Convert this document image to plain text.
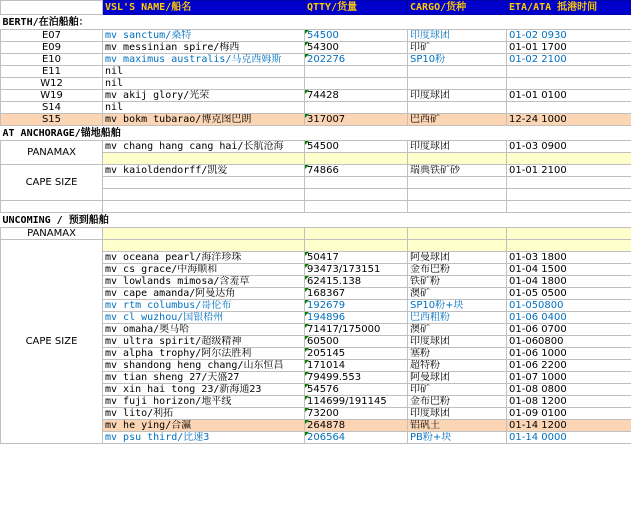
	VSL'S NAME/船名	QTTY/货量	CARGO/货种	ETA/ATA 抵港时间
BERTH/在泊船舶：				
E07	mv sanctum/桑特	54500	印度球团	01-02 0930
E09	mv messinian spire/梅西	54300	印矿	01-01 1700
E10	mv maximus australis/马克西姆斯	202276	SP10粉	01-02 2100
E11	nil			
W12	nil			
W19	mv akij glory/光荣	74428	印度球团	01-01 0100
S14	nil			
S15	mv bokm tubarao/博克图巴朗	317007	巴西矿	12-24 1000
AT ANCHORAGE/锚地船舶				
PANAMAX	mv chang hang cang hai/长航沧海	54500	印度球团	01-03 0900

CAPE SIZE	mv kaioldendorff/凯爱	74866	瑞典铁矿砂	01-01 2100

UNCOMING / 预到船舶				
PANAMAX				
CAPE SIZE				
	mv oceana pearl/海洋珍珠	50417	阿曼球团	01-03 1800
	mv cs grace/中海顺和	93473/173151	金布巴粉	01-04 1500
	mv lowlands mimosa/含羞草	62415.138	铁矿粉	01-04 1800
	mv cape amanda/阿曼达角	168367	澳矿	01-05 0500
	mv rtm columbus/哥伦布	192679	SP10粉+块	01-050800
	mv cl wuzhou/国银梧州	194896	巴西粗粉	01-06 0400
	mv omaha/奥马哈	71417/175000	澳矿	01-06 0700
	mv ultra spirit/超级精神	60500	印度球团	01-060800
	mv alpha trophy/阿尔法胜利	205145	塞粉	01-06 1000
	mv shandong heng chang/山东恒昌	171014	超特粉	01-06 2200
	mv tian sheng 27/天盛27	79499.553	阿曼球团	01-07 1000
	mv xin hai tong 23/新海通23	54576	印矿	01-08 0800
	mv fuji horizon/地平线	114699/191145	金布巴粉	01-08 1200
	mv lito/利拓	73200	印度球团	01-09 0100
	mv he ying/合瀛	264878	铝矾土	01-14 1200
	mv psu third/比速3	206564	PB粉+块	01-14 0000
